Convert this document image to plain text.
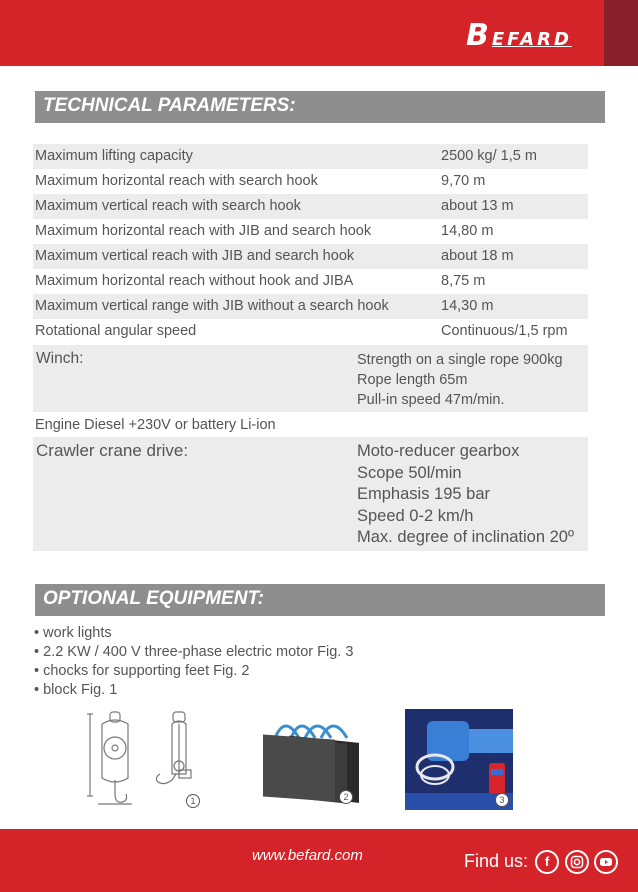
BEFARD
TECHNICAL PARAMETERS:
Maximum lifting capacity	2500 kg/ 1,5 m
Maximum horizontal reach with search hook	9,70 m
Maximum vertical reach with search hook	about 13 m
Maximum horizontal reach with JIB and search hook	14,80 m
Maximum vertical reach with JIB and search hook	about 18 m
Maximum horizontal reach without hook and JIBA	8,75 m
Maximum vertical range with JIB without a search hook	14,30 m
Rotational angular speed	Continuous/1,5 rpm
Winch:	Strength on a single rope 900kg
Rope length 65m
Pull-in speed 47m/min.
Engine Diesel +230V or battery Li-ion
Crawler crane drive:	Moto-reducer gearbox
Scope 50l/min
Emphasis 195 bar
Speed 0-2 km/h
Max. degree of inclination 20º
OPTIONAL EQUIPMENT:
• work lights
• 2.2 KW / 400 V three-phase electric motor Fig. 3
• chocks for supporting feet Fig. 2
• block Fig. 1
1	2	3
www.befard.com	Find us:	f
